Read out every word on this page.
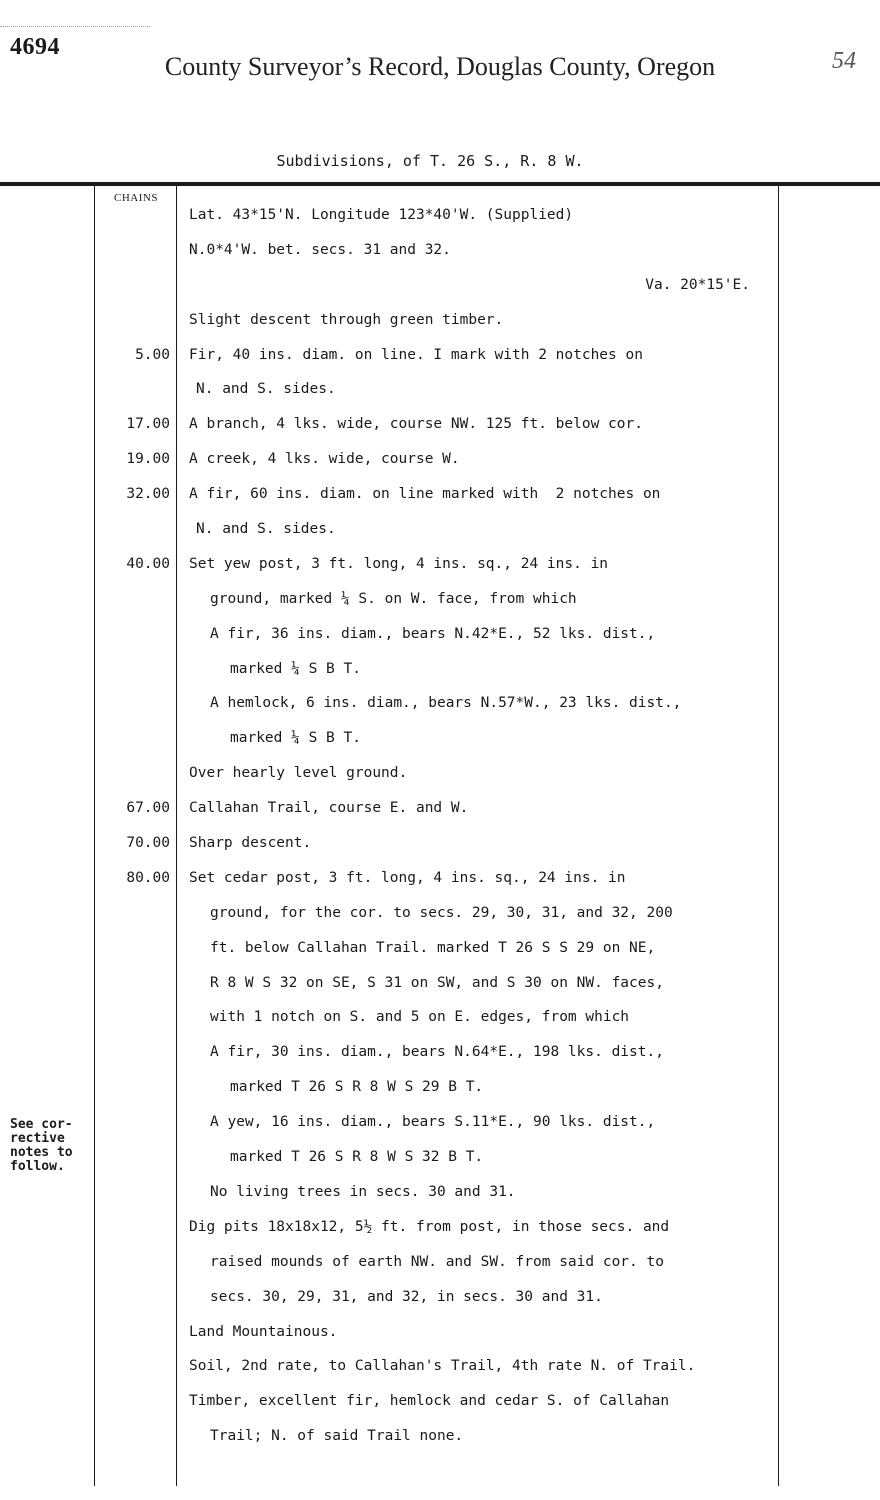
4694
County Surveyor’s Record, Douglas County, Oregon	54
Subdivisions, of T. 26 S., R. 8 W.
CHAINS
See cor-
rective
notes to
follow.
Lat. 43*15'N. Longitude 123*40'W. (Supplied)
N.0*4'W. bet. secs. 31 and 32.
Va. 20*15'E.
Slight descent through green timber.
5.00 Fir, 40 ins. diam. on line. I mark with 2 notches on
N. and S. sides.
17.00 A branch, 4 lks. wide, course NW. 125 ft. below cor.
19.00 A creek, 4 lks. wide, course W.
32.00 A fir, 60 ins. diam. on line marked with  2 notches on
N. and S. sides.
40.00 Set yew post, 3 ft. long, 4 ins. sq., 24 ins. in
ground, marked ¼ S. on W. face, from which
A fir, 36 ins. diam., bears N.42*E., 52 lks. dist.,
marked ¼ S B T.
A hemlock, 6 ins. diam., bears N.57*W., 23 lks. dist.,
marked ¼ S B T.
Over hearly level ground.
67.00 Callahan Trail, course E. and W.
70.00 Sharp descent.
80.00 Set cedar post, 3 ft. long, 4 ins. sq., 24 ins. in
ground, for the cor. to secs. 29, 30, 31, and 32, 200
ft. below Callahan Trail. marked T 26 S S 29 on NE,
R 8 W S 32 on SE, S 31 on SW, and S 30 on NW. faces,
with 1 notch on S. and 5 on E. edges, from which
A fir, 30 ins. diam., bears N.64*E., 198 lks. dist.,
marked T 26 S R 8 W S 29 B T.
A yew, 16 ins. diam., bears S.11*E., 90 lks. dist.,
marked T 26 S R 8 W S 32 B T.
No living trees in secs. 30 and 31.
Dig pits 18x18x12, 5½ ft. from post, in those secs. and
raised mounds of earth NW. and SW. from said cor. to
secs. 30, 29, 31, and 32, in secs. 30 and 31.
Land Mountainous.
Soil, 2nd rate, to Callahan's Trail, 4th rate N. of Trail.
Timber, excellent fir, hemlock and cedar S. of Callahan
Trail; N. of said Trail none.
